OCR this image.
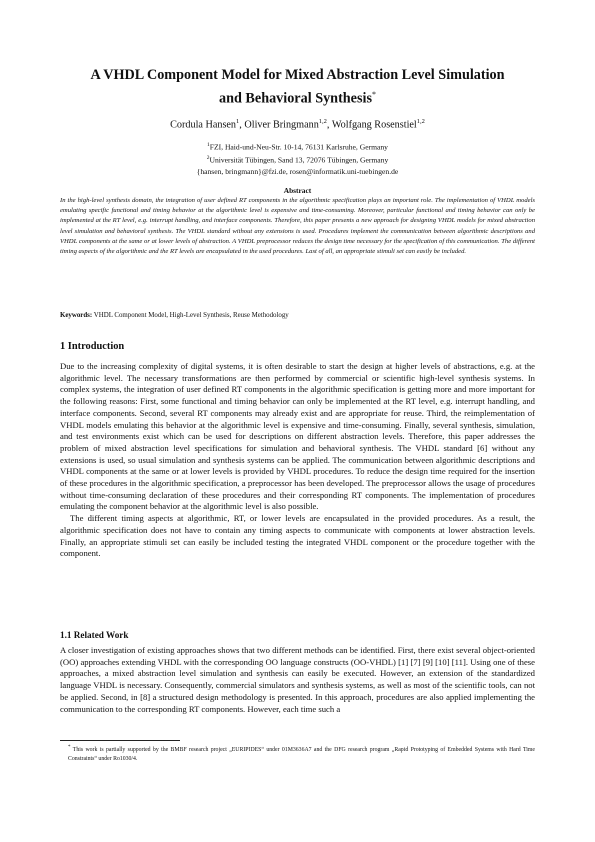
A VHDL Component Model for Mixed Abstraction Level Simulation
and Behavioral Synthesis*
Cordula Hansen$^1$, Oliver Bringmann$^{1,2}$, Wolfgang Rosenstiel$^{1,2}$
$^1$FZI, Haid-und-Neu-Str. 10-14, 76131 Karlsruhe, Germany
$^2$Universität Tübingen, Sand 13, 72076 Tübingen, Germany
{hansen, bringmann}@fzi.de, rosen@informatik.uni-tuebingen.de
Abstract
In the high-level synthesis domain, the integration of user defined RT components in the algorithmic specification plays an important role. The implementation of VHDL models emulating specific functional and timing behavior at the algorithmic level is expensive and time-consuming. Moreover, particular functional and timing behavior can only be implemented at the RT level, e.g. interrupt handling, and interface components. Therefore, this paper presents a new approach for designing VHDL models for mixed abstraction level simulation and behavioral synthesis. The VHDL standard without any extensions is used. Procedures implement the communication between algorithmic descriptions and VHDL components at the same or at lower levels of abstraction. A VHDL preprocessor reduces the design time necessary for the specification of this communication. The different timing aspects of the algorithmic and the RT levels are encapsulated in the used procedures. Last of all, an appropriate stimuli set can easily be included.
Keywords: VHDL Component Model, High-Level Synthesis, Reuse Methodology
1 Introduction

Due to the increasing complexity of digital systems, it is often desirable to start the design at higher levels of abstractions, e.g. at the algorithmic level. The necessary transformations are then performed by commercial or scientific high-level synthesis systems. In complex systems, the integration of user defined RT components in the algorithmic specification is getting more and more important for the following reasons: First, some functional and timing behavior can only be implemented at the RT level, e.g. interrupt handling, and interface components. Second, several RT components may already exist and are appropriate for reuse. Third, the reimplementation of VHDL models emulating this behavior at the algorithmic level is expensive and time-consuming. Finally, several synthesis, simulation, and test environments exist which can be used for descriptions on different abstraction levels. Therefore, this paper addresses the problem of mixed abstraction level specifications for simulation and behavioral synthesis. The VHDL standard [6] without any extensions is used, so usual simulation and synthesis systems can be applied. The communication between algorithmic descriptions and VHDL components at the same or at lower levels is provided by VHDL procedures. To reduce the design time required for the insertion of these procedures in the algorithmic specification, a preprocessor has been developed. The preprocessor allows the usage of procedures without time-consuming declaration of these procedures and their corresponding RT components. The implementation of procedures emulating the component behavior at the algorithmic level is also possible.

The different timing aspects at algorithmic, RT, or lower levels are encapsulated in the provided procedures. As a result, the algorithmic specification does not have to contain any timing aspects to communicate with components at lower abstraction levels. Finally, an appropriate stimuli set can easily be included testing the integrated VHDL component or the procedure together with the component.

1.1 Related Work

A closer investigation of existing approaches shows that two different methods can be identified. First, there exist several object-oriented (OO) approaches extending VHDL with the corresponding OO language constructs (OO-VHDL) [1] [7] [9] [10] [11]. Using one of these approaches, a mixed abstraction level simulation and synthesis can easily be executed. However, an extension of the standardized language VHDL is necessary. Consequently, commercial simulators and synthesis systems, as well as most of the scientific tools, can not be applied. Second, in [8] a structured design methodology is presented. In this approach, procedures are also applied implementing the communication to the corresponding RT components. However, each time such a

* This work is partially supported by the BMBF research project „EURIPIDES“ under 01M3636A7 and the DFG research program „Rapid Prototyping of Embedded Systems with Hard Time Constraints“ under Ro1030/4.
